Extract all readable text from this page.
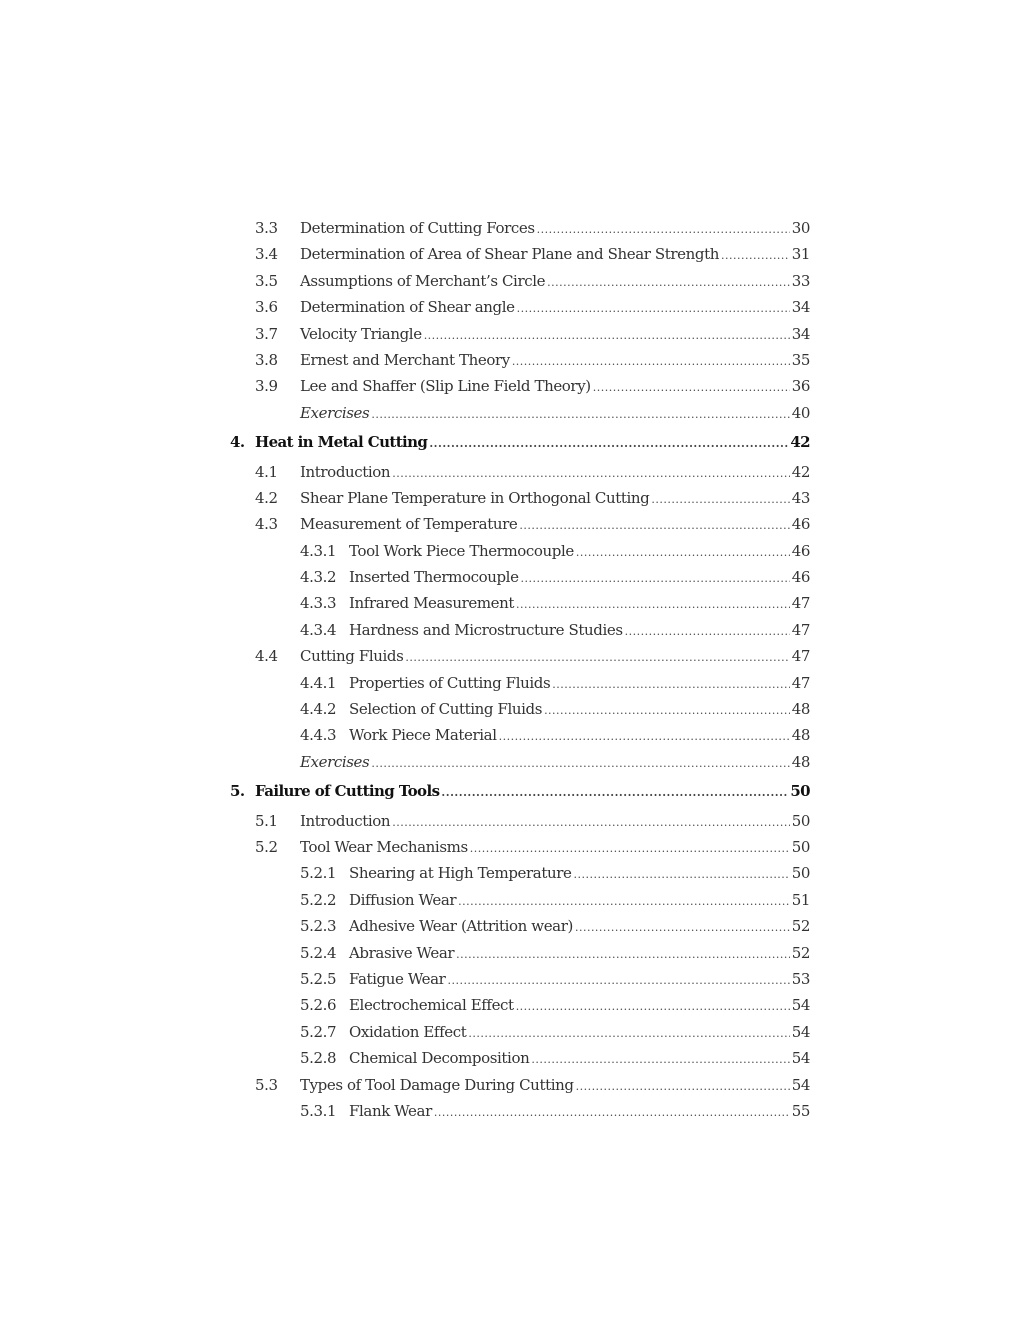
3.3	Determination of Cutting Forces .....	30
3.4	Determination of Area of Shear Plane and Shear Strength .....	31
3.5	Assumptions of Merchant’s Circle .....	33
3.6	Determination of Shear angle .....	34
3.7	Velocity Triangle .....	34
3.8	Ernest and Merchant Theory .....	35
3.9	Lee and Shaffer (Slip Line Field Theory) .....	36
Exercises .....	40
4. Heat in Metal Cutting .....	42
4.1	Introduction .....	42
4.2	Shear Plane Temperature in Orthogonal Cutting .....	43
4.3	Measurement of Temperature .....	46
4.3.1 Tool Work Piece Thermocouple .....	46
4.3.2 Inserted Thermocouple .....	46
4.3.3 Infrared Measurement .....	47
4.3.4 Hardness and Microstructure Studies .....	47
4.4	Cutting Fluids .....	47
4.4.1 Properties of Cutting Fluids .....	47
4.4.2 Selection of Cutting Fluids .....	48
4.4.3 Work Piece Material .....	48
Exercises .....	48
5. Failure of Cutting Tools .....	50
5.1	Introduction .....	50
5.2	Tool Wear Mechanisms .....	50
5.2.1 Shearing at High Temperature .....	50
5.2.2 Diffusion Wear .....	51
5.2.3 Adhesive Wear (Attrition wear) .....	52
5.2.4 Abrasive Wear .....	52
5.2.5 Fatigue Wear .....	53
5.2.6 Electrochemical Effect .....	54
5.2.7 Oxidation Effect .....	54
5.2.8 Chemical Decomposition .....	54
5.3	Types of Tool Damage During Cutting .....	54
5.3.1 Flank Wear .....	55
